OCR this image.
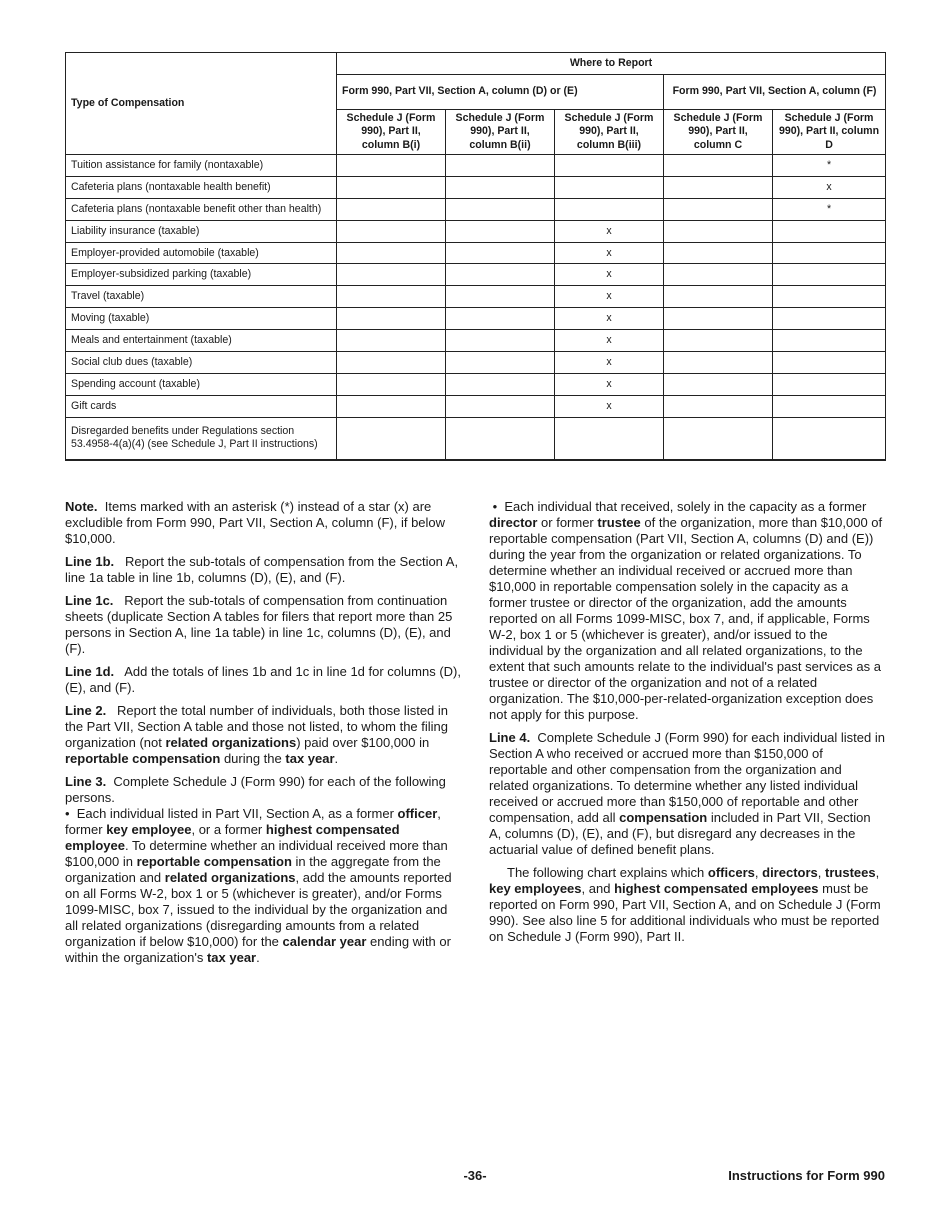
Type of Compensation	Where to Report				
	Form 990, Part VII, Section A, column (D) or (E)			Form 990, Part VII, Section A, column (F)	
	Schedule J (Form 990), Part II, column B(i)	Schedule J (Form 990), Part II, column B(ii)	Schedule J (Form 990), Part II, column B(iii)	Schedule J (Form 990), Part II, column C	Schedule J (Form 990), Part II, column D
Tuition assistance for family (nontaxable)					*
Cafeteria plans (nontaxable health benefit)					x
Cafeteria plans (nontaxable benefit other than health)					*
Liability insurance (taxable)			x		
Employer-provided automobile (taxable)			x		
Employer-subsidized parking (taxable)			x		
Travel (taxable)			x		
Moving (taxable)			x		
Meals and entertainment (taxable)			x		
Social club dues (taxable)			x		
Spending account (taxable)			x		
Gift cards			x		
Disregarded benefits under Regulations section 53.4958-4(a)(4) (see Schedule J, Part II instructions)					

Note. Items marked with an asterisk (*) instead of a star (x) are excludible from Form 990, Part VII, Section A, column (F), if below $10,000.

Line 1b. Report the sub-totals of compensation from the Section A, line 1a table in line 1b, columns (D), (E), and (F).

Line 1c. Report the sub-totals of compensation from continuation sheets (duplicate Section A tables for filers that report more than 25 persons in Section A, line 1a table) in line 1c, columns (D), (E), and (F).

Line 1d. Add the totals of lines 1b and 1c in line 1d for columns (D), (E), and (F).

Line 2. Report the total number of individuals, both those listed in the Part VII, Section A table and those not listed, to whom the filing organization (not related organizations) paid over $100,000 in reportable compensation during the tax year.

Line 3. Complete Schedule J (Form 990) for each of the following persons.

• Each individual listed in Part VII, Section A, as a former officer, former key employee, or a former highest compensated employee. To determine whether an individual received more than $100,000 in reportable compensation in the aggregate from the organization and related organizations, add the amounts reported on all Forms W-2, box 1 or 5 (whichever is greater), and/or Forms 1099-MISC, box 7, issued to the individual by the organization and all related organizations (disregarding amounts from a related organization if below $10,000) for the calendar year ending with or within the organization's tax year.

• Each individual that received, solely in the capacity as a former director or former trustee of the organization, more than $10,000 of reportable compensation (Part VII, Section A, columns (D) and (E)) during the year from the organization or related organizations. To determine whether an individual received or accrued more than $10,000 in reportable compensation solely in the capacity as a former trustee or director of the organization, add the amounts reported on all Forms 1099-MISC, box 7, and, if applicable, Forms W-2, box 1 or 5 (whichever is greater), and/or issued to the individual by the organization and all related organizations, to the extent that such amounts relate to the individual's past services as a trustee or director of the organization and not of a related organization. The $10,000-per-related-organization exception does not apply for this purpose.

Line 4. Complete Schedule J (Form 990) for each individual listed in Section A who received or accrued more than $150,000 of reportable and other compensation from the organization and related organizations. To determine whether any listed individual received or accrued more than $150,000 of reportable and other compensation, add all compensation included in Part VII, Section A, columns (D), (E), and (F), but disregard any decreases in the actuarial value of defined benefit plans.

The following chart explains which officers, directors, trustees, key employees, and highest compensated employees must be reported on Form 990, Part VII, Section A, and on Schedule J (Form 990). See also line 5 for additional individuals who must be reported on Schedule J (Form 990), Part II.

-36-	Instructions for Form 990
